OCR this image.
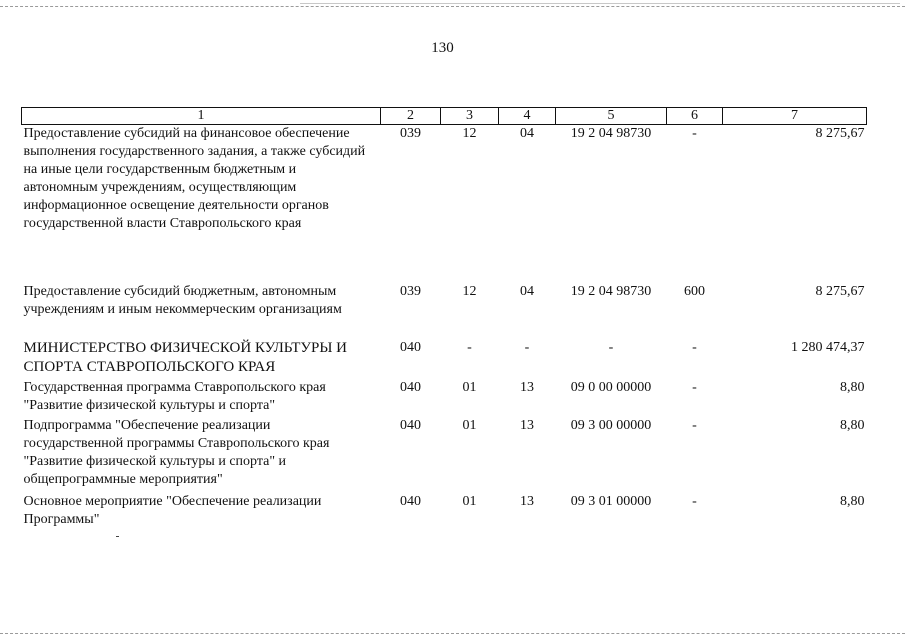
130
1	2	3	4	5	6	7
Предоставление субсидий на финансовое обеспечение выполнения государственного задания, а также субсидий на иные цели государственным бюджетным и автономным учреждениям, осуществляющим информационное освещение деятельности органов государственной власти Ставропольского края	039	12	04	19 2 04 98730	-	8 275,67
Предоставление субсидий бюджетным, автономным учреждениям и иным некоммерческим организациям	039	12	04	19 2 04 98730	600	8 275,67
МИНИСТЕРСТВО ФИЗИЧЕСКОЙ КУЛЬТУРЫ И СПОРТА СТАВРОПОЛЬСКОГО КРАЯ	040	-	-	-	-	1 280 474,37
Государственная программа Ставропольского края "Развитие физической культуры и спорта"	040	01	13	09 0 00 00000	-	8,80
Подпрограмма "Обеспечение реализации государственной программы Ставропольского края "Развитие физической культуры и спорта" и общепрограммные мероприятия"	040	01	13	09 3 00 00000	-	8,80
Основное мероприятие "Обеспечение реализации Программы"	040	01	13	09 3 01 00000	-	8,80
